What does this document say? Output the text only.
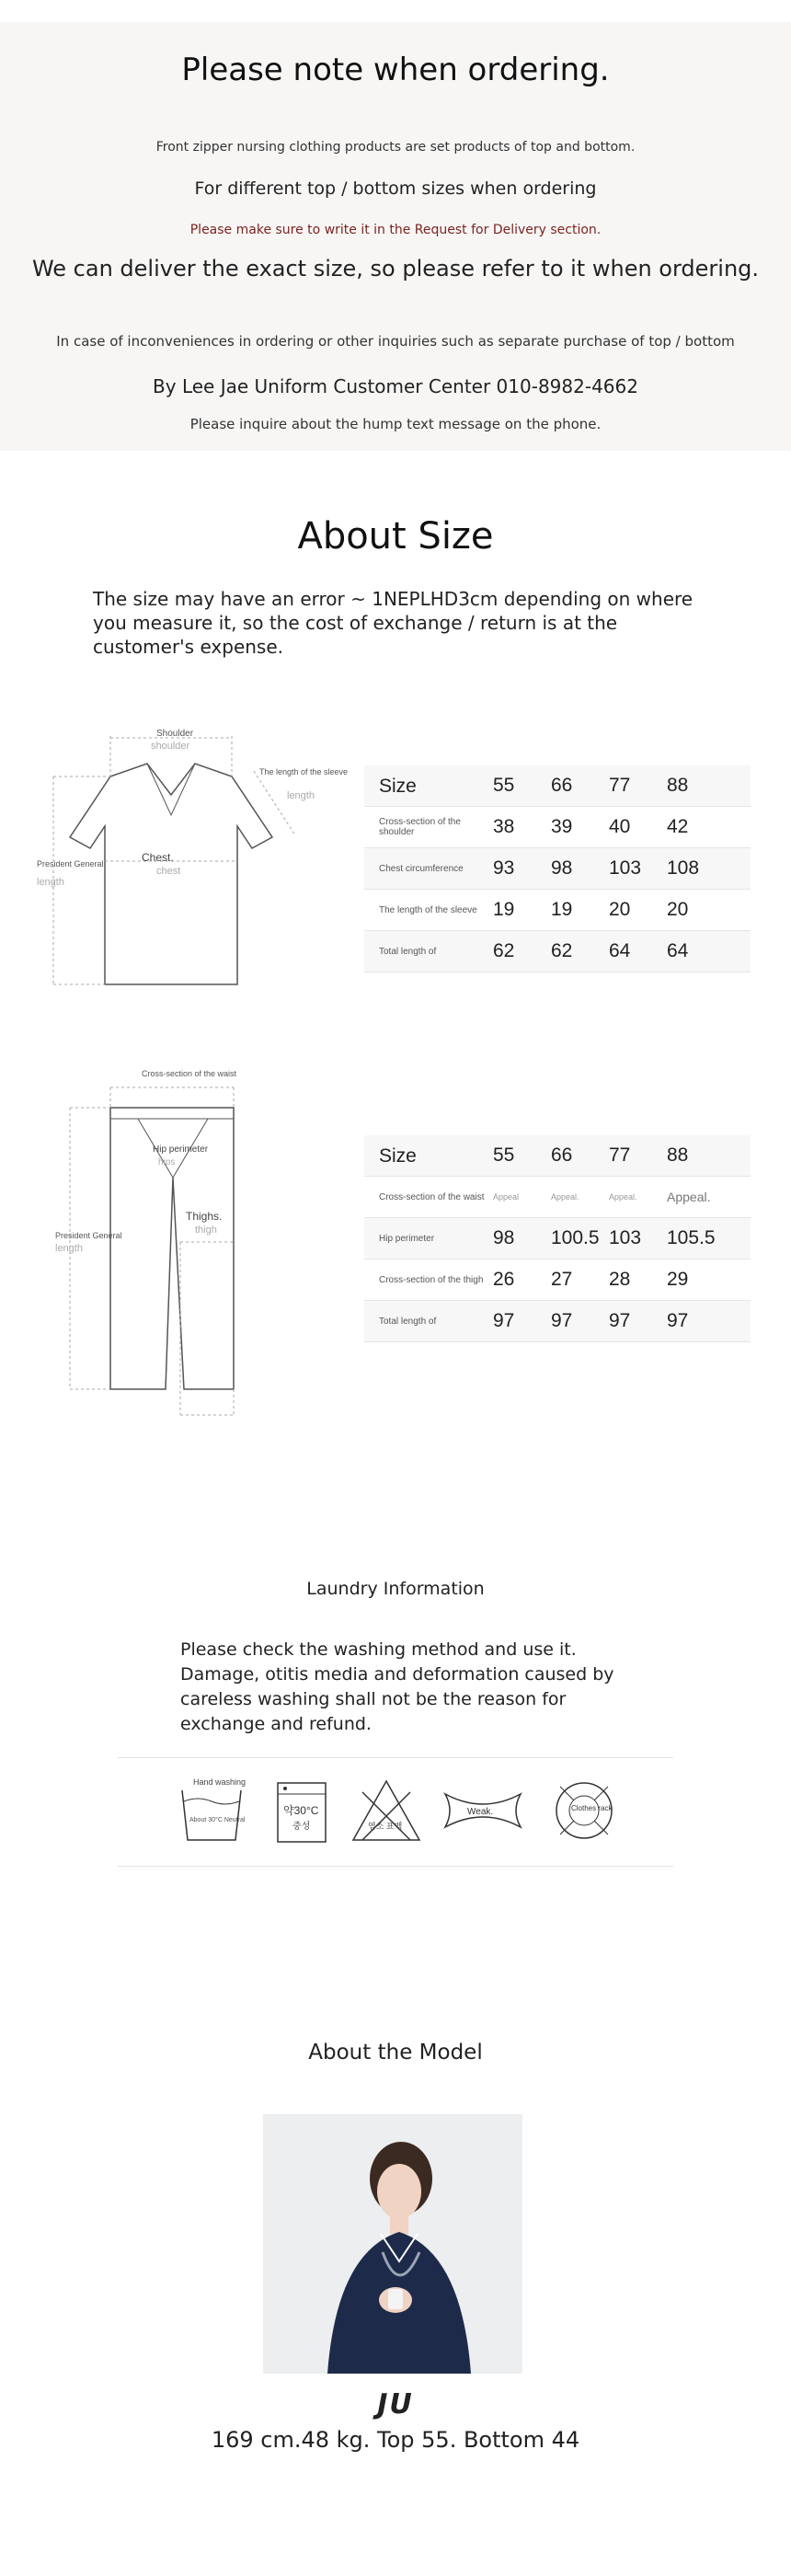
Please note when ordering.
Front zipper nursing clothing products are set products of top and bottom.
For different top / bottom sizes when ordering
Please make sure to write it in the Request for Delivery section.
We can deliver the exact size, so please refer to it when ordering.
In case of inconveniences in ordering or other inquiries such as separate purchase of top / bottom
By Lee Jae Uniform Customer Center 010-8982-4662
Please inquire about the hump text message on the phone.
About Size
The size may have an error ~ 1NEPLHD3cm depending on where you measure it, so the cost of exchange / return is at the customer's expense.
Shoulder
shoulder
The length of the sleeve
length
Chest.
chest
President General
length
Size	55	66	77	88
Cross-section of the shoulder	38	39	40	42
Chest circumference	93	98	103	108
The length of the sleeve 19	19	20	20
Total length of	62	62	64	64
Cross-section of the waist
Hip perimeter
hips
Thighs.
thigh
President General
length
Size	55	66	77	88
Cross-section of the waist	Appeal	Appeal.	Appeal.	Appeal.
Hip perimeter	98	100.5 103	105.5
Cross-section of the thigh 26	27	28	29
Total length of	97	97	97	97
Laundry Information
Please check the washing method and use it. Damage, otitis media and deformation caused by careless washing shall not be the reason for exchange and refund.
Hand washing
About 30°C Neutral
약30°C
중성	염소 표백
Weak.	Clothes rack
About the Model
JU
169 cm.48 kg. Top 55. Bottom 44
